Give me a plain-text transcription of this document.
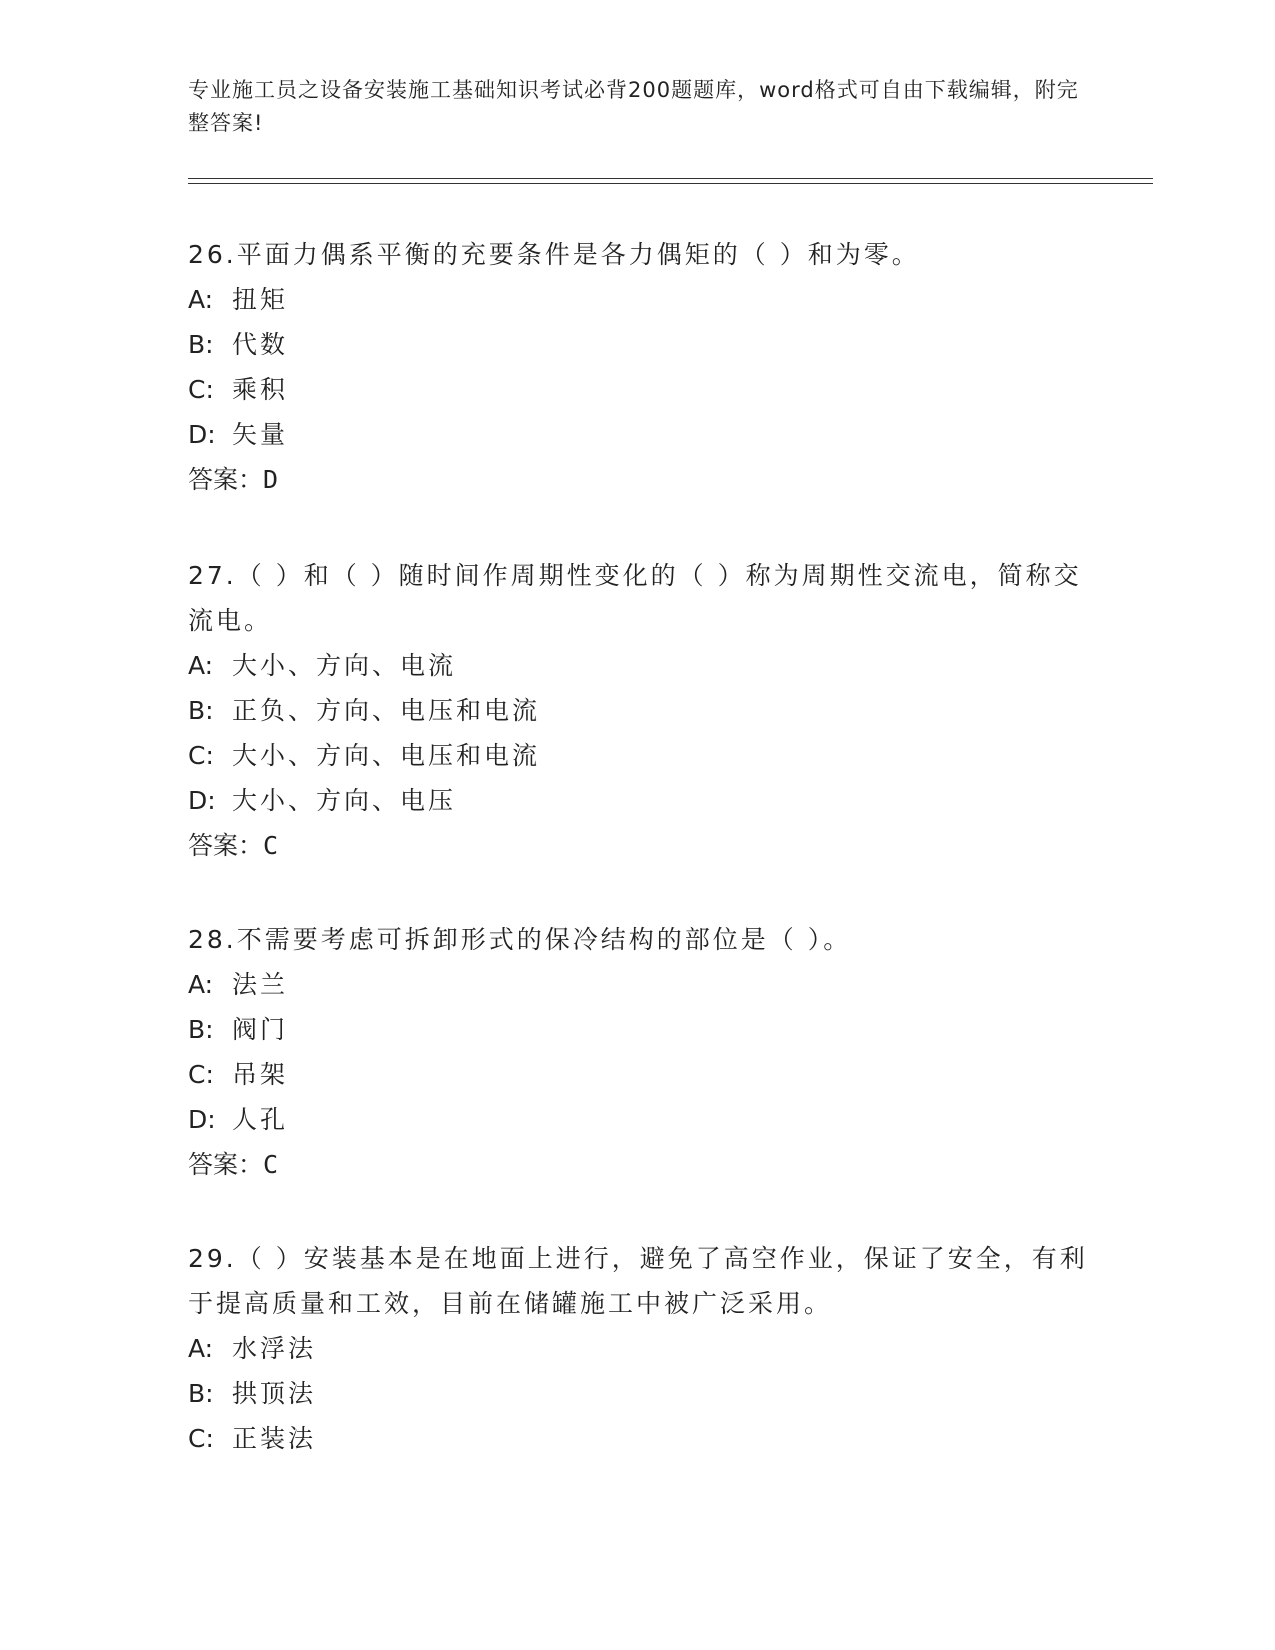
专业施工员之设备安装施工基础知识考试必背200题题库，word格式可自由下载编辑，附完整答案!

26.平面力偶系平衡的充要条件是各力偶矩的（ ）和为零。

A: 扭矩

B: 代数

C: 乘积

D: 矢量

答案：D

27.（ ）和（ ）随时间作周期性变化的（ ）称为周期性交流电，简称交流电。

A: 大小、方向、电流

B: 正负、方向、电压和电流

C: 大小、方向、电压和电流

D: 大小、方向、电压

答案：C

28.不需要考虑可拆卸形式的保冷结构的部位是（ ）。

A: 法兰

B: 阀门

C: 吊架

D: 人孔

答案：C

29.（ ）安装基本是在地面上进行，避免了高空作业，保证了安全，有利于提高质量和工效，目前在储罐施工中被广泛采用。

A: 水浮法

B: 拱顶法

C: 正装法
